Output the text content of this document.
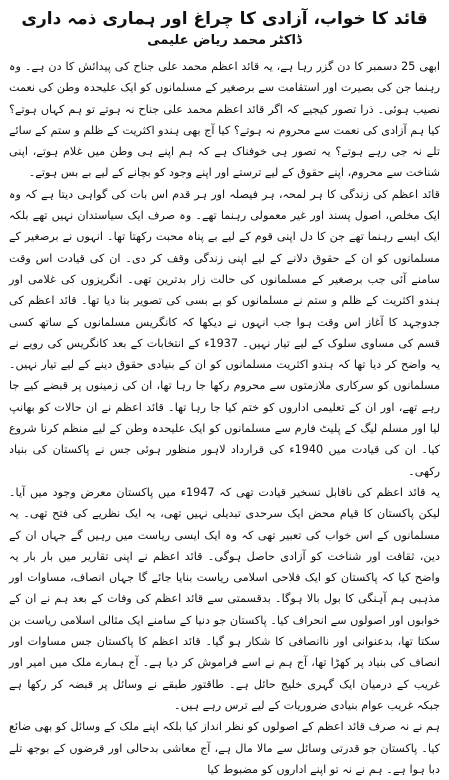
قائد کا خواب، آزادی کا چراغ اور ہماری ذمہ داری
ڈاکٹر محمد ریاض علیمی

ابھی 25 دسمبر کا دن گزر رہا ہے، یہ قائد اعظم محمد علی جناح کی پیدائش کا دن ہے۔ وہ رہنما جن کی بصیرت اور استقامت سے برصغیر کے مسلمانوں کو ایک علیحدہ وطن کی نعمت نصیب ہوئی۔ ذرا تصور کیجیے کہ اگر قائد اعظم محمد علی جناح نہ ہوتے تو ہم کہاں ہوتے؟ کیا ہم آزادی کی نعمت سے محروم نہ ہوتے؟ کیا آج بھی ہندو اکثریت کے ظلم و ستم کے سائے تلے نہ جی رہے ہوتے؟ یہ تصور ہی خوفناک ہے کہ ہم اپنے ہی وطن میں غلام ہوتے، اپنی شناخت سے محروم، اپنے حقوق کے لیے ترستے اور اپنے وجود کو بچانے کے لیے بے بس ہوتے۔

قائد اعظم کی زندگی کا ہر لمحہ، ہر فیصلہ اور ہر قدم اس بات کی گواہی دیتا ہے کہ وہ ایک مخلص، اصول پسند اور غیر معمولی رہنما تھے۔ وہ صرف ایک سیاستدان نہیں تھے بلکہ ایک ایسے رہنما تھے جن کا دل اپنی قوم کے لیے بے پناہ محبت رکھتا تھا۔ انہوں نے برصغیر کے مسلمانوں کو ان کے حقوق دلانے کے لیے اپنی زندگی وقف کر دی۔ ان کی قیادت اس وقت سامنے آئی جب برصغیر کے مسلمانوں کی حالت زار بدترین تھی۔ انگریزوں کی غلامی اور ہندو اکثریت کے ظلم و ستم نے مسلمانوں کو بے بسی کی تصویر بنا دیا تھا۔ قائد اعظم کی جدوجہد کا آغاز اس وقت ہوا جب انہوں نے دیکھا کہ کانگریس مسلمانوں کے ساتھ کسی قسم کی مساوی سلوک کے لیے تیار نہیں۔ 1937ء کے انتخابات کے بعد کانگریس کی رویے نے یہ واضح کر دیا تھا کہ ہندو اکثریت مسلمانوں کو ان کے بنیادی حقوق دینے کے لیے تیار نہیں۔ مسلمانوں کو سرکاری ملازمتوں سے محروم رکھا جا رہا تھا، ان کی زمینوں پر قبضے کیے جا رہے تھے، اور ان کے تعلیمی اداروں کو ختم کیا جا رہا تھا۔ قائد اعظم نے ان حالات کو بھانپ لیا اور مسلم لیگ کے پلیٹ فارم سے مسلمانوں کو ایک علیحدہ وطن کے لیے منظم کرنا شروع کیا۔ ان کی قیادت میں 1940ء کی قرارداد لاہور منظور ہوئی جس نے پاکستان کی بنیاد رکھی۔

یہ قائد اعظم کی ناقابل تسخیر قیادت تھی کہ 1947ء میں پاکستان معرض وجود میں آیا۔ لیکن پاکستان کا قیام محض ایک سرحدی تبدیلی نہیں تھی، یہ ایک نظریے کی فتح تھی۔ یہ مسلمانوں کے اس خواب کی تعبیر تھی کہ وہ ایک ایسی ریاست میں رہیں گے جہاں ان کے دین، ثقافت اور شناخت کو آزادی حاصل ہوگی۔ قائد اعظم نے اپنی تقاریر میں بار بار یہ واضح کیا کہ پاکستان کو ایک فلاحی اسلامی ریاست بنایا جائے گا جہاں انصاف، مساوات اور مذہبی ہم آہنگی کا بول بالا ہوگا۔ بدقسمتی سے قائد اعظم کی وفات کے بعد ہم نے ان کے خوابوں اور اصولوں سے انحراف کیا۔ پاکستان جو دنیا کے سامنے ایک مثالی اسلامی ریاست بن سکتا تھا، بدعنوانی اور ناانصافی کا شکار ہو گیا۔ قائد اعظم کا پاکستان جس مساوات اور انصاف کی بنیاد پر کھڑا تھا، آج ہم نے اسے فراموش کر دیا ہے۔ آج ہمارے ملک میں امیر اور غریب کے درمیان ایک گہری خلیج حائل ہے۔ طاقتور طبقے نے وسائل پر قبضہ کر رکھا ہے جبکہ غریب عوام بنیادی ضروریات کے لیے ترس رہے ہیں۔

ہم نے نہ صرف قائد اعظم کے اصولوں کو نظر انداز کیا بلکہ اپنے ملک کے وسائل کو بھی ضائع کیا۔ پاکستان جو قدرتی وسائل سے مالا مال ہے، آج معاشی بدحالی اور قرضوں کے بوجھ تلے دبا ہوا ہے۔ ہم نے نہ تو اپنے اداروں کو مضبوط کیا
